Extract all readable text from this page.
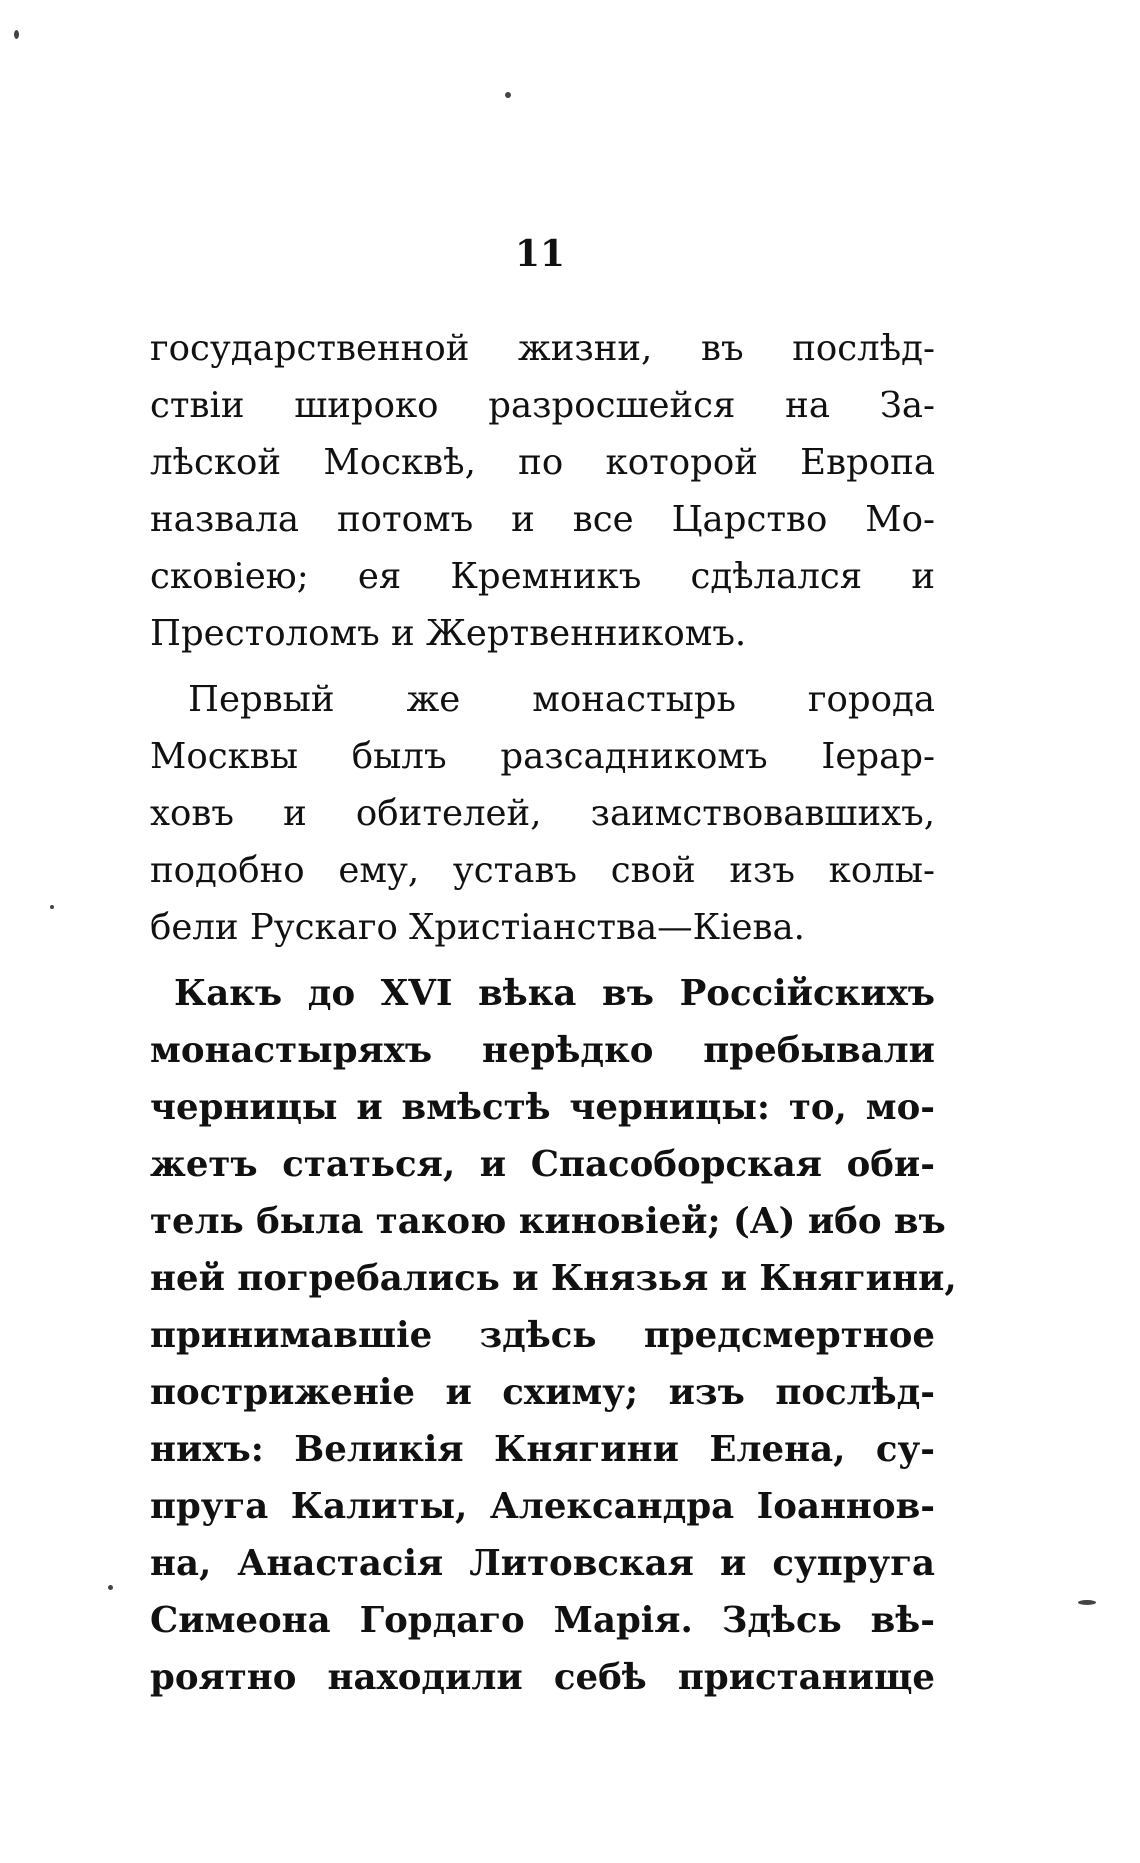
11
государственной жизни, въ послѣд-
ствіи широко разросшейся на За-
лѣской Москвѣ, по которой Европа
назвала потомъ и все Царство Мо-
сковіею; ея Кремникъ сдѣлался и
Престоломъ и Жертвенникомъ.
Первый же монастырь города
Москвы былъ разсадникомъ Іерар-
ховъ и обителей, заимствовавшихъ,
подобно ему, уставъ свой изъ колы-
бели Рускаго Христіанства—Кіева.
Какъ до XVI вѣка въ Россійскихъ
монастыряхъ нерѣдко пребывали
черницы и вмѣстѣ черницы: то, мо-
жетъ статься, и Спасоборская оби-
тель была такою киновіей; (А) ибо въ
ней погребались и Князья и Княгини,
принимавшіе здѣсь предсмертное
постриженіе и схиму; изъ послѣд-
нихъ: Великія Княгини Елена, су-
пруга Калиты, Александра Іоаннов-
на, Анастасія Литовская и супруга
Симеона Гордаго Марія. Здѣсь вѣ-
роятно находили себѣ пристанище
